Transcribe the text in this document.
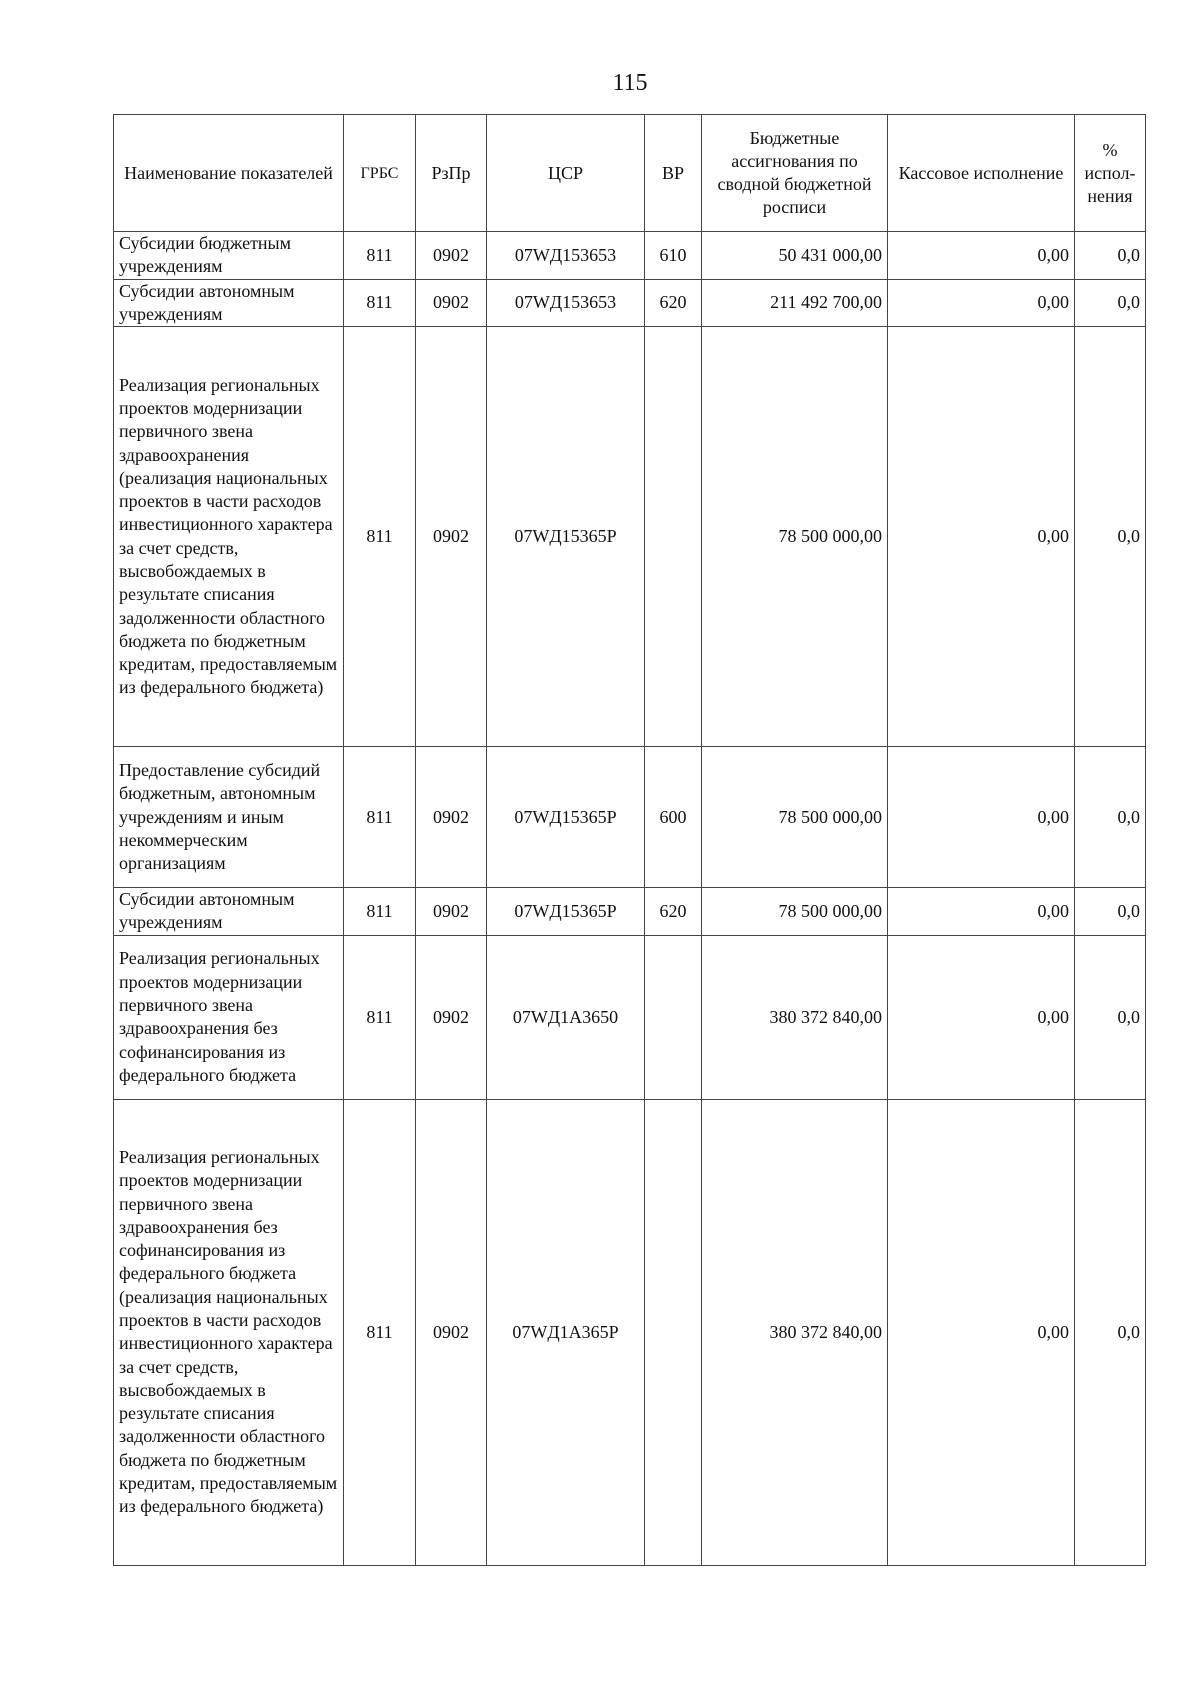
115
Наименование показателей	ГРБС	РзПр	ЦСР	ВР	Бюджетные ассигнования по сводной бюджетной росписи	Кассовое исполнение	% испол-нения
Субсидии бюджетным учреждениям	811	0902	07WД153653	610	50 431 000,00	0,00	0,0
Субсидии автономным учреждениям	811	0902	07WД153653	620	211 492 700,00	0,00	0,0
Реализация региональных проектов модернизации первичного звена здравоохранения (реализация национальных проектов в части расходов инвестиционного характера за счет средств, высвобождаемых в результате списания задолженности областного бюджета по бюджетным кредитам, предоставляемым из федерального бюджета)	811	0902	07WД15365Р		78 500 000,00	0,00	0,0
Предоставление субсидий бюджетным, автономным учреждениям и иным некоммерческим организациям	811	0902	07WД15365Р	600	78 500 000,00	0,00	0,0
Субсидии автономным учреждениям	811	0902	07WД15365Р	620	78 500 000,00	0,00	0,0
Реализация региональных проектов модернизации первичного звена здравоохранения без софинансирования из федерального бюджета	811	0902	07WД1А3650		380 372 840,00	0,00	0,0
Реализация региональных проектов модернизации первичного звена здравоохранения без софинансирования из федерального бюджета (реализация национальных проектов в части расходов инвестиционного характера за счет средств, высвобождаемых в результате списания задолженности областного бюджета по бюджетным кредитам, предоставляемым из федерального бюджета)	811	0902	07WД1А365Р		380 372 840,00	0,00	0,0
